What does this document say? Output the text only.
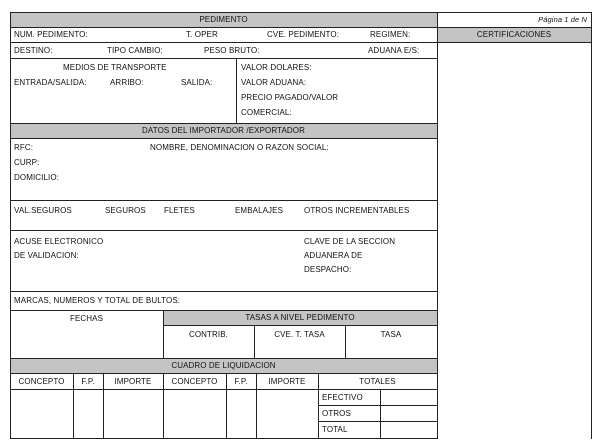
PEDIMENTO	Página 1 de N
NUM. PEDIMENTO:	T. OPER	CVE. PEDIMENTO:	REGIMEN:	CERTIFICACIONES
DESTINO:	TIPO CAMBIO:	PESO BRUTO:	ADUANA E/S:
MEDIOS DE TRANSPORTE
ENTRADA/SALIDA:	ARRIBO:	SALIDA:
VALOR DOLARES:
VALOR ADUANA:
PRECIO PAGADO/VALOR
COMERCIAL:
DATOS DEL IMPORTADOR /EXPORTADOR
RFC:	NOMBRE, DENOMINACION O RAZON SOCIAL:
CURP:
DOMICILIO:
VAL.SEGUROS	SEGUROS FLETES	EMBALAJES	OTROS INCREMENTABLES
ACUSE ELECTRONICO
DE VALIDACION:
CLAVE DE LA SECCION
ADUANERA DE
DESPACHO:
MARCAS, NUMEROS Y TOTAL DE BULTOS:
FECHAS	TASAS A NIVEL PEDIMENTO
CONTRIB.	CVE. T. TASA	TASA
CUADRO DE LIQUIDACION
CONCEPTO	F.P.	IMPORTE	CONCEPTO	F.P.	IMPORTE	TOTALES
EFECTIVO
OTROS
TOTAL
